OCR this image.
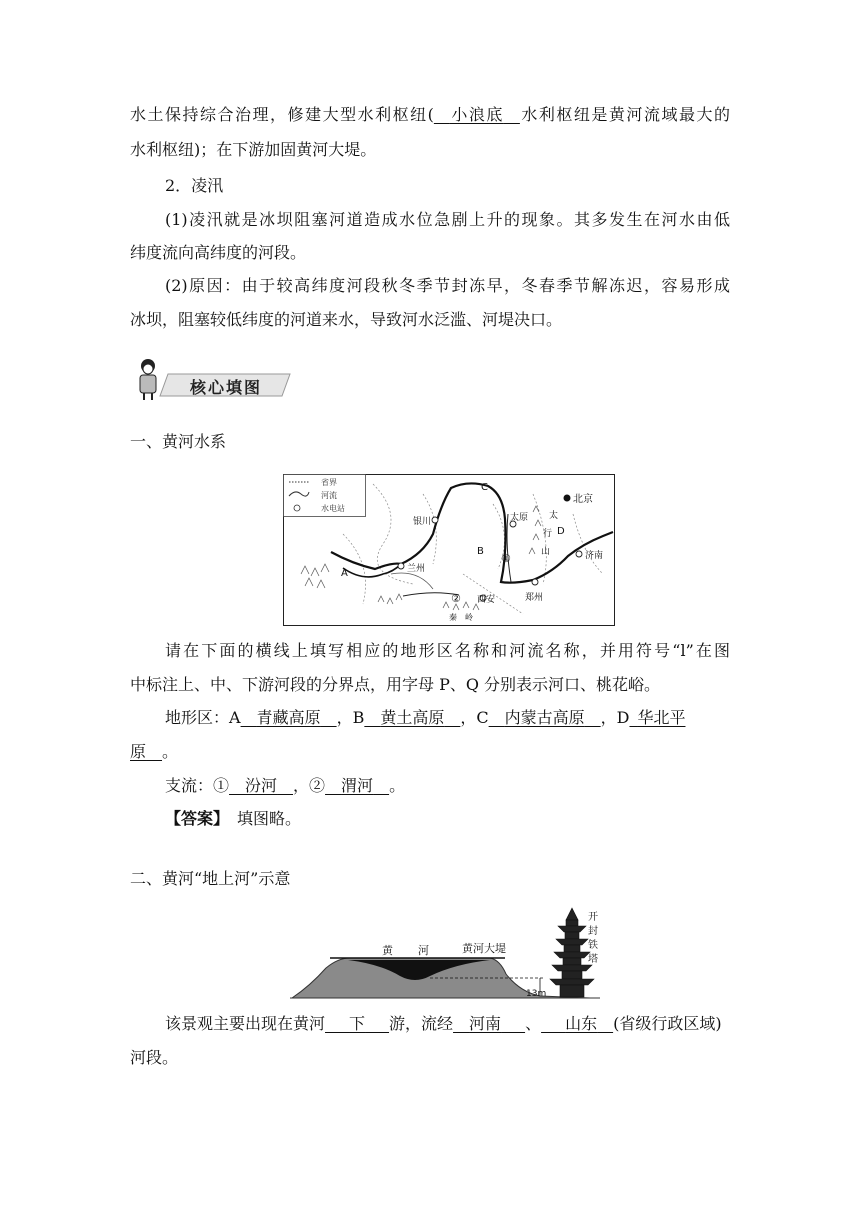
水土保持综合治理，修建大型水利枢纽(   小浪底   水利枢纽是黄河流域最大的
水利枢纽)；在下游加固黄河大堤。
2．凌汛
(1)凌汛就是冰坝阻塞河道造成水位急剧上升的现象。其多发生在河水由低
纬度流向高纬度的河段。
(2)原因：由于较高纬度河段秋冬季节封冻早，冬春季节解冻迟，容易形成
冰坝，阻塞较低纬度的河道来水，导致河水泛滥、河堤决口。
核心填图
一、黄河水系
省界
河流
水电站
北京
银川	太原
兰州
西安	郑州
济南
A
B
C
D
太
行
山
秦 岭
①
②
请在下面的横线上填写相应的地形区名称和河流名称，并用符号“l”在图
中标注上、中、下游河段的分界点，用字母 P、Q 分别表示河口、桃花峪。
地形区：A   青藏高原   ，B   黄土高原   ，C   内蒙古高原   ，D  华北平
原   。
支流：①   汾河   ，②   渭河   。
【答案】  填图略。
二、黄河“地上河”示意
黄 河	黄河大堤
13m
开
封
铁
塔
该景观主要出现在黄河    下    游，流经   河南    、    山东   (省级行政区域)
河段。
